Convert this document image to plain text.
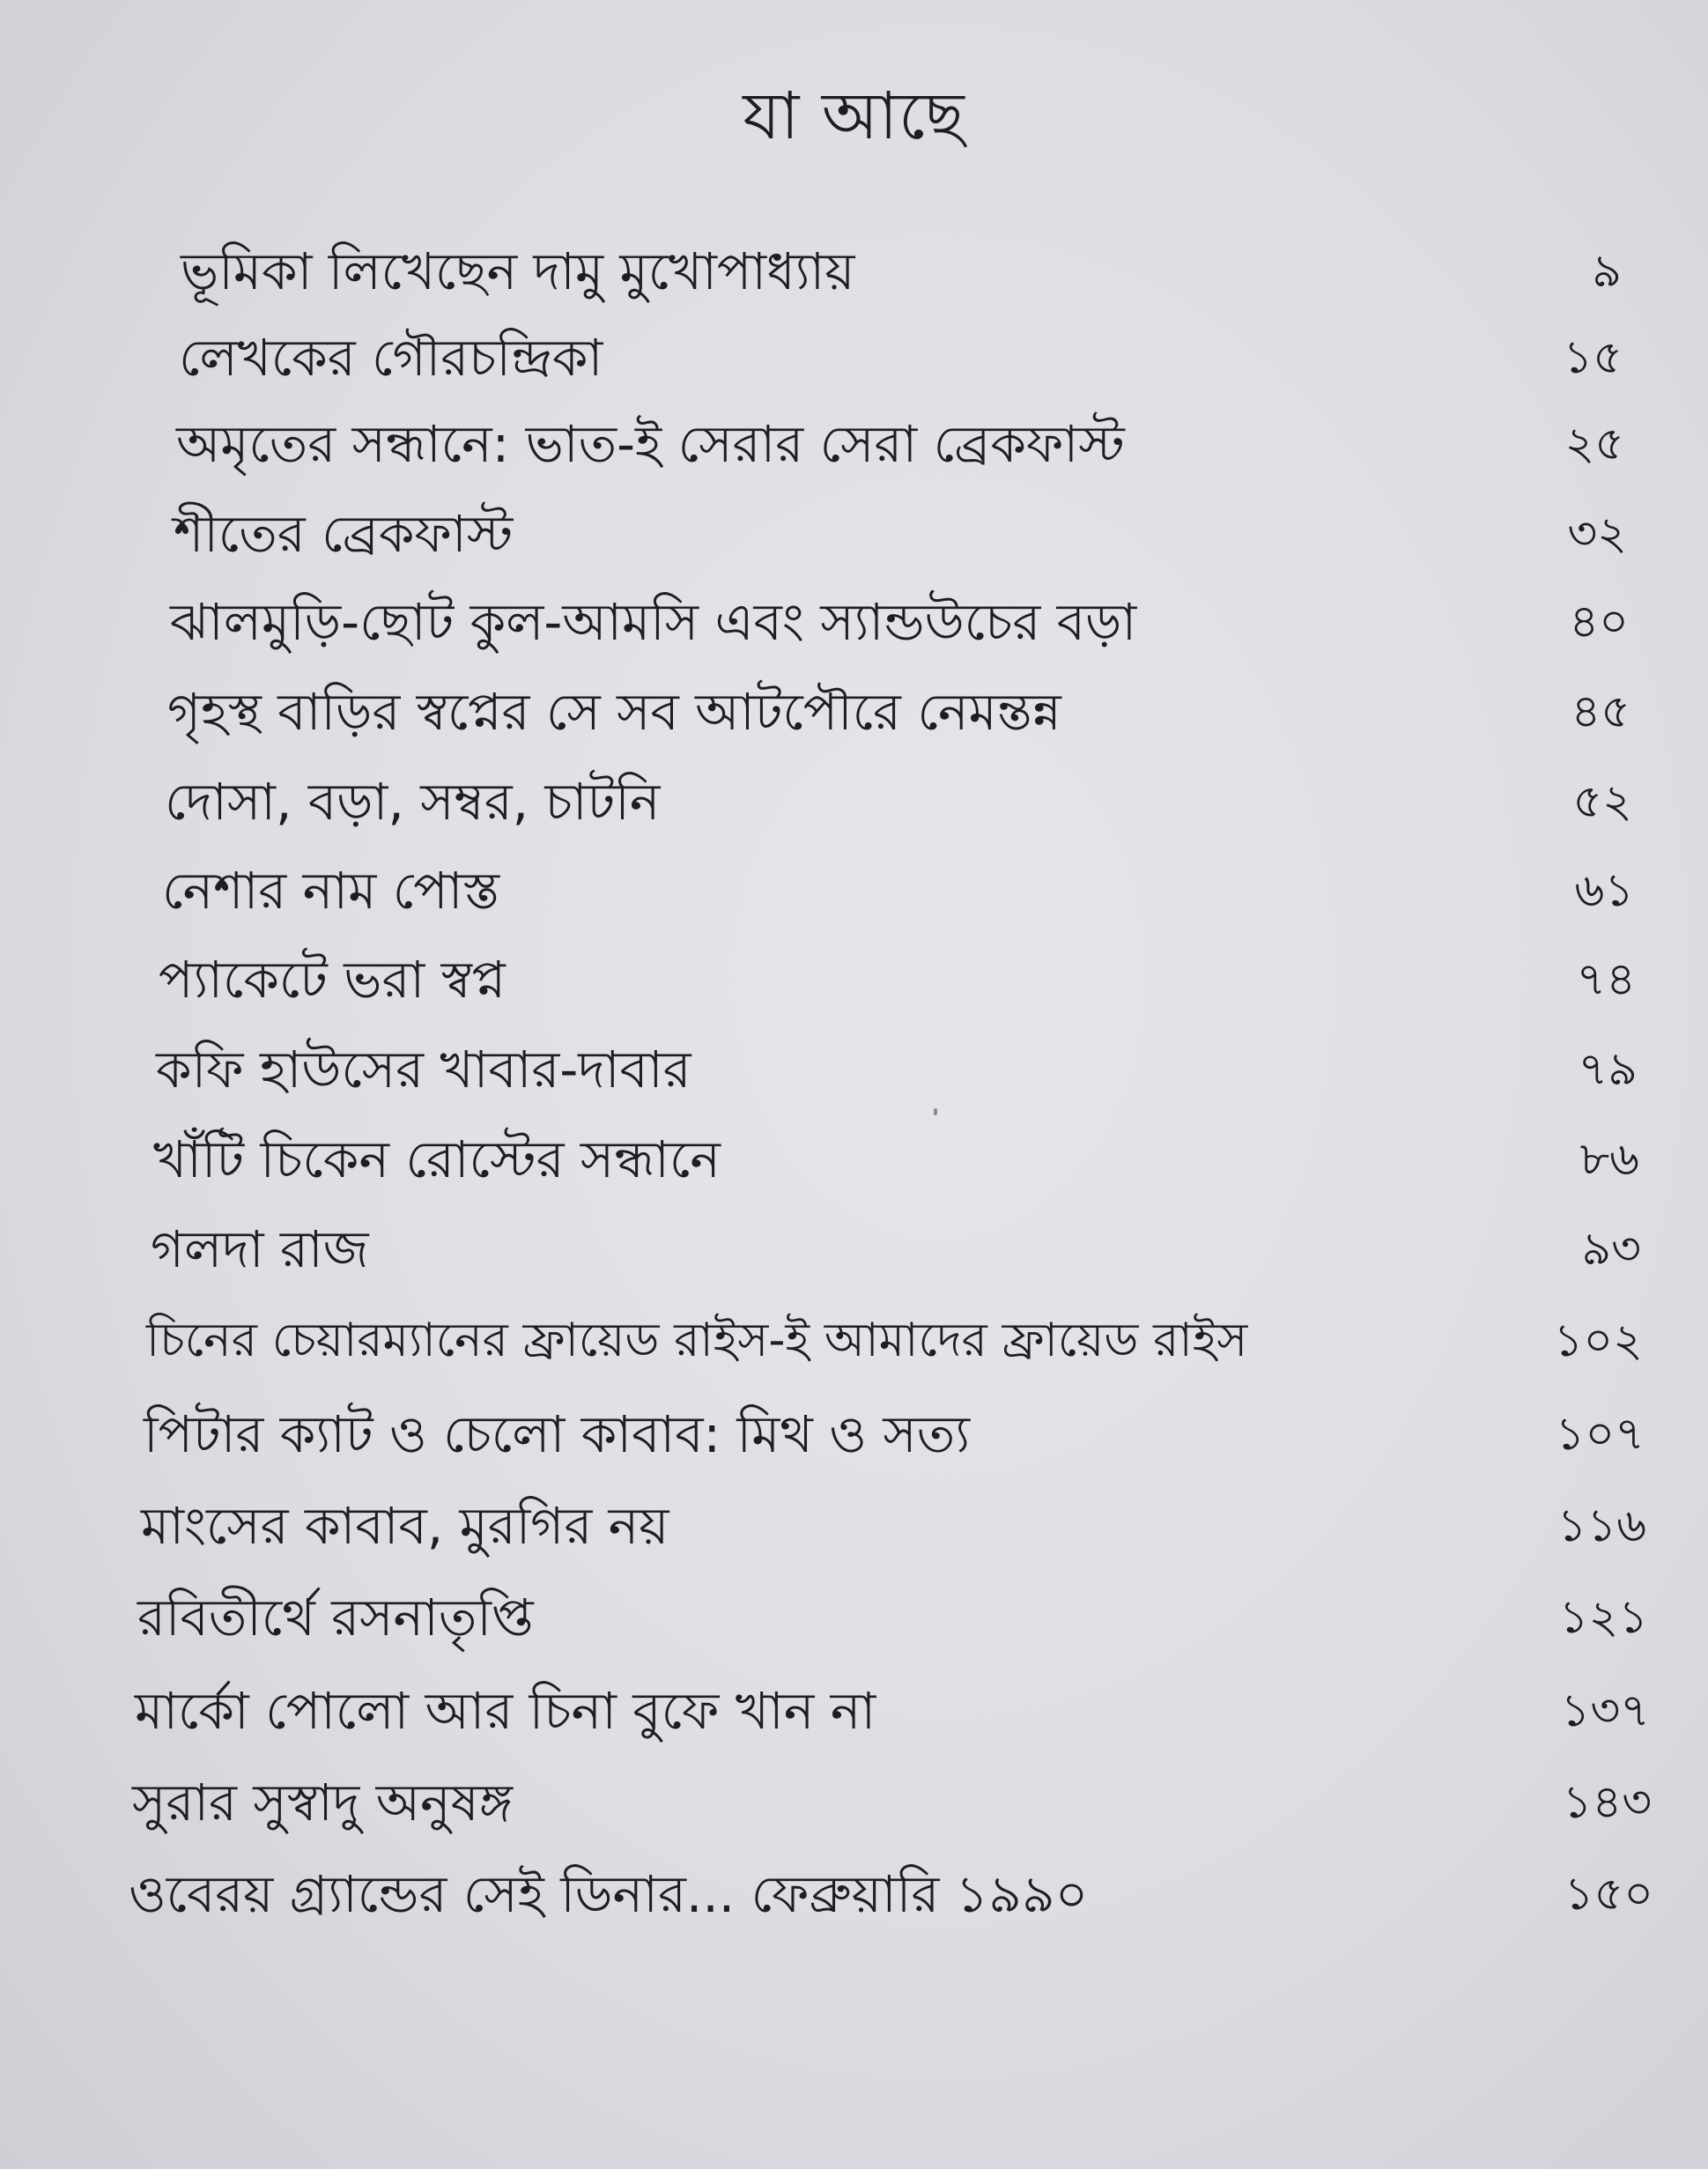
যা আছে
ভূমিকা লিখেছেন দামু মুখোপাধ্যায়	৯
লেখকের গৌরচন্দ্রিকা	১৫
অমৃতের সন্ধানে: ভাত-ই সেরার সেরা ব্রেকফাস্ট	২৫
শীতের ব্রেকফাস্ট	৩২
ঝালমুড়ি-ছোট কুল-আমসি এবং স্যান্ডউচের বড়া	৪০
গৃহস্থ বাড়ির স্বপ্নের সে সব আটপৌরে নেমন্তন্ন	৪৫
দোসা, বড়া, সম্বর, চাটনি	৫২
নেশার নাম পোস্ত	৬১
প্যাকেটে ভরা স্বপ্ন	৭৪
কফি হাউসের খাবার-দাবার	৭৯
খাঁটি চিকেন রোস্টের সন্ধানে	৮৬
গলদা রাজ	৯৩
চিনের চেয়ারম্যানের ফ্রায়েড রাইস-ই আমাদের ফ্রায়েড রাইস	১০২
পিটার ক্যাট ও চেলো কাবাব: মিথ ও সত্য	১০৭
মাংসের কাবাব, মুরগির নয়	১১৬
রবিতীর্থে রসনাতৃপ্তি	১২১
মার্কো পোলো আর চিনা বুফে খান না	১৩৭
সুরার সুস্বাদু অনুষঙ্গ	১৪৩
ওবেরয় গ্র্যান্ডের সেই ডিনার... ফেব্রুয়ারি ১৯৯০	১৫০
